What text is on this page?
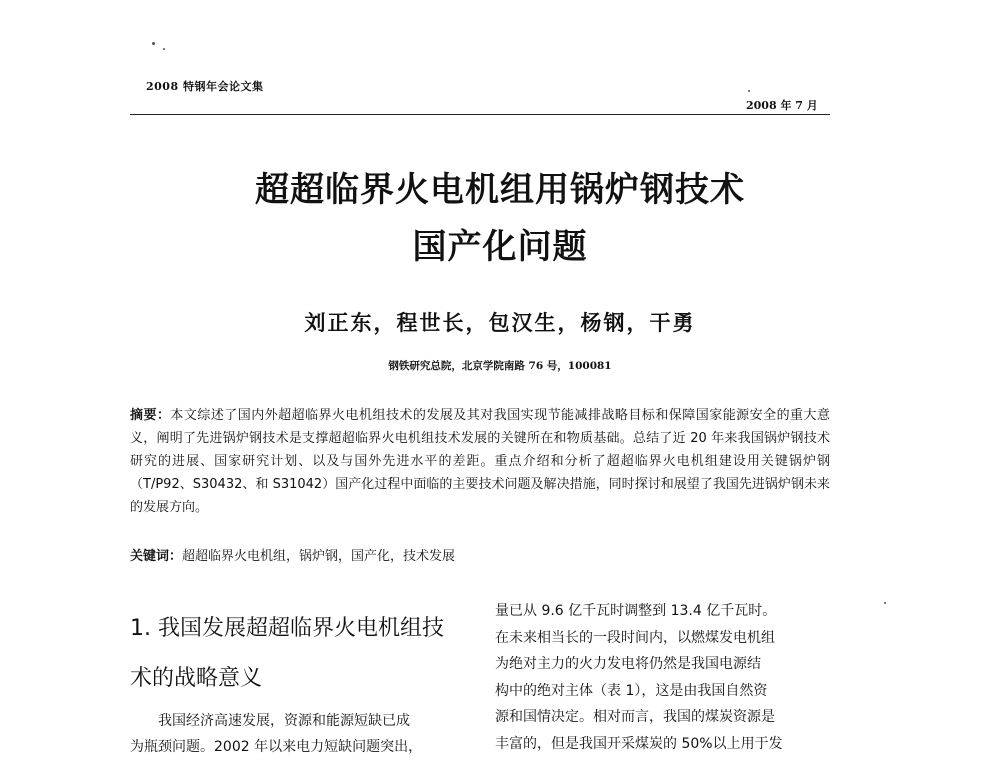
2008 特钢年会论文集
2008 年 7 月
超超临界火电机组用锅炉钢技术
国产化问题
刘正东，程世长，包汉生，杨钢，干勇
钢铁研究总院，北京学院南路 76 号，100081
摘要：本文综述了国内外超超临界火电机组技术的发展及其对我国实现节能减排战略目标和保障国家能源安全的重大意义，阐明了先进锅炉钢技术是支撑超超临界火电机组技术发展的关键所在和物质基础。总结了近 20 年来我国锅炉钢技术研究的进展、国家研究计划、以及与国外先进水平的差距。重点介绍和分析了超超临界火电机组建设用关键锅炉钢（T/P92、S30432、和 S31042）国产化过程中面临的主要技术问题及解决措施，同时探讨和展望了我国先进锅炉钢未来的发展方向。
关键词：超超临界火电机组，锅炉钢，国产化，技术发展
1. 我国发展超超临界火电机组技
术的战略意义
我国经济高速发展，资源和能源短缺已成
为瓶颈问题。2002 年以来电力短缺问题突出，
量已从 9.6 亿千瓦时调整到 13.4 亿千瓦时。
在未来相当长的一段时间内，以燃煤发电机组
为绝对主力的火力发电将仍然是我国电源结
构中的绝对主体（表 1），这是由我国自然资
源和国情决定。相对而言，我国的煤炭资源是
丰富的，但是我国开采煤炭的 50%以上用于发
